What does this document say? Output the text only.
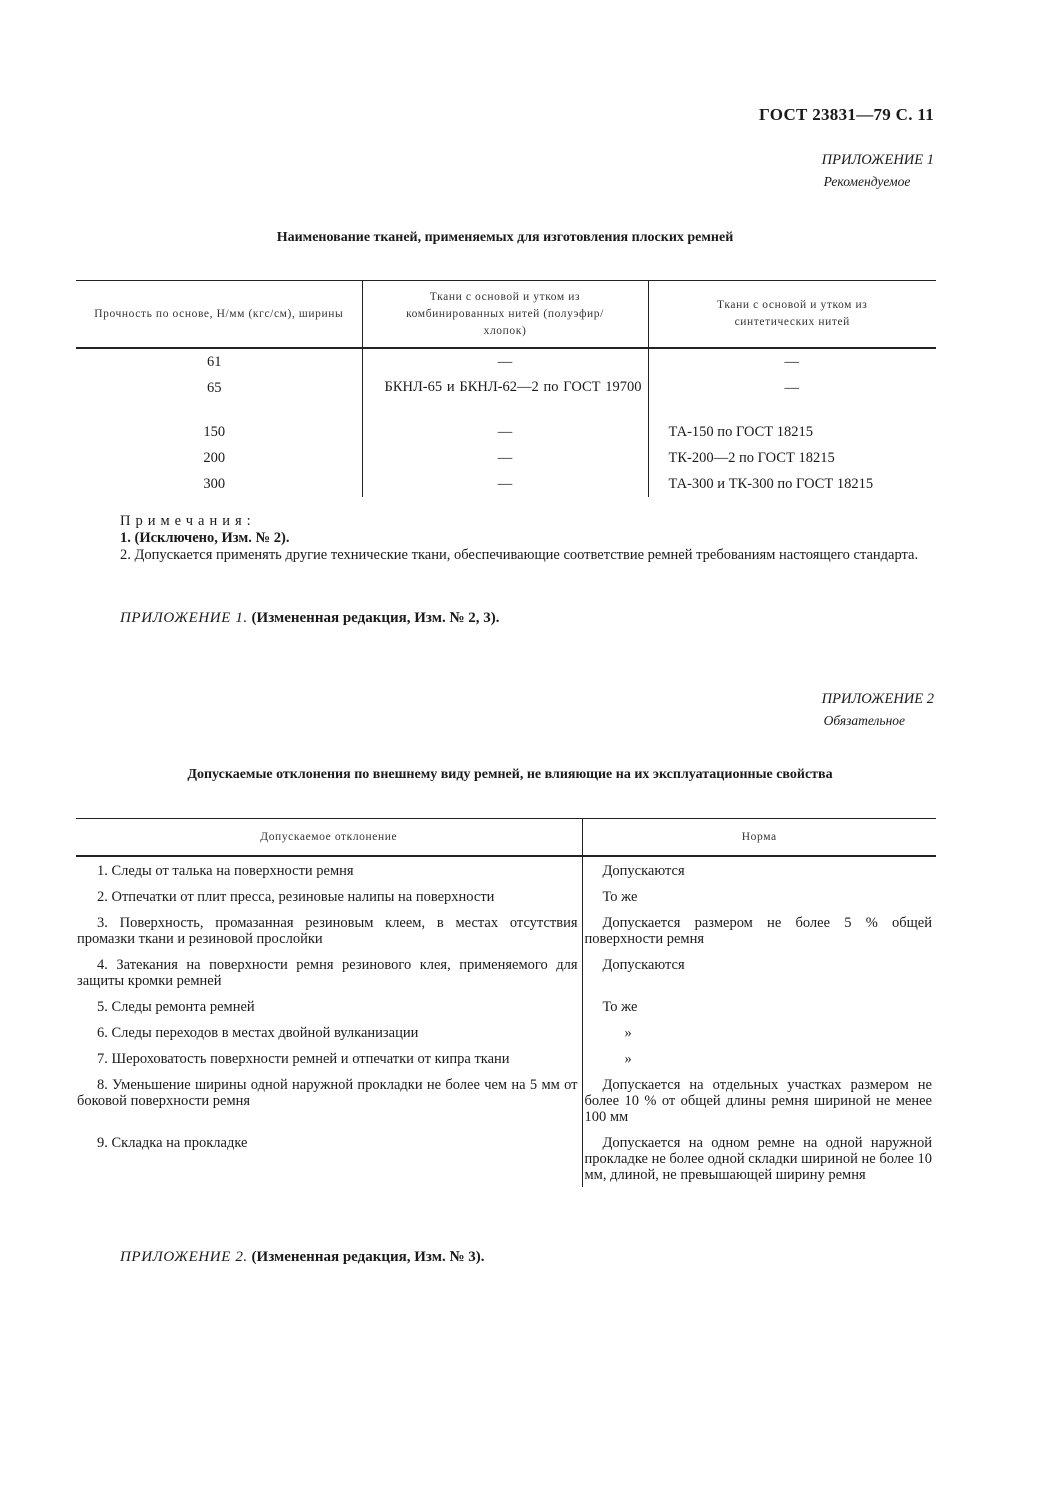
ГОСТ 23831—79 С. 11
ПРИЛОЖЕНИЕ 1
Рекомендуемое
Наименование тканей, применяемых для изготовления плоских ремней
Прочность по основе, Н/мм (кгс/см), ширины	Ткани с основой и утком из комбинированных нитей (полуэфир/хлопок)	Ткани с основой и утком из синтетических нитей
61	—	—
65	БКНЛ-65 и БКНЛ-62—2 по ГОСТ 19700	—
150	—	ТА-150 по ГОСТ 18215
200	—	ТК-200—2 по ГОСТ 18215
300	—	ТА-300 и ТК-300 по ГОСТ 18215

Примечания:

1. (Исключено, Изм. № 2).

2. Допускается применять другие технические ткани, обеспечивающие соответствие ремней требованиям настоящего стандарта.

ПРИЛОЖЕНИЕ 1. (Измененная редакция, Изм. № 2, 3).
ПРИЛОЖЕНИЕ 2
Обязательное
Допускаемые отклонения по внешнему виду ремней, не влияющие на их эксплуатационные свойства
Допускаемое отклонение	Норма
1. Следы от талька на поверхности ремня	Допускаются
2. Отпечатки от плит пресса, резиновые налипы на поверхности	То же
3. Поверхность, промазанная резиновым клеем, в местах отсутствия промазки ткани и резиновой прослойки	Допускается размером не более 5 % общей поверхности ремня
4. Затекания на поверхности ремня резинового клея, применяемого для защиты кромки ремней	Допускаются
5. Следы ремонта ремней	То же
6. Следы переходов в местах двойной вулканизации	»
7. Шероховатость поверхности ремней и отпечатки от кипра ткани	»
8. Уменьшение ширины одной наружной прокладки не более чем на 5 мм от боковой поверхности ремня	Допускается на отдельных участках размером не более 10 % от общей длины ремня шириной не менее 100 мм
9. Складка на прокладке	Допускается на одном ремне на одной наружной прокладке не более одной складки шириной не более 10 мм, длиной, не превышающей ширину ремня
ПРИЛОЖЕНИЕ 2. (Измененная редакция, Изм. № 3).
